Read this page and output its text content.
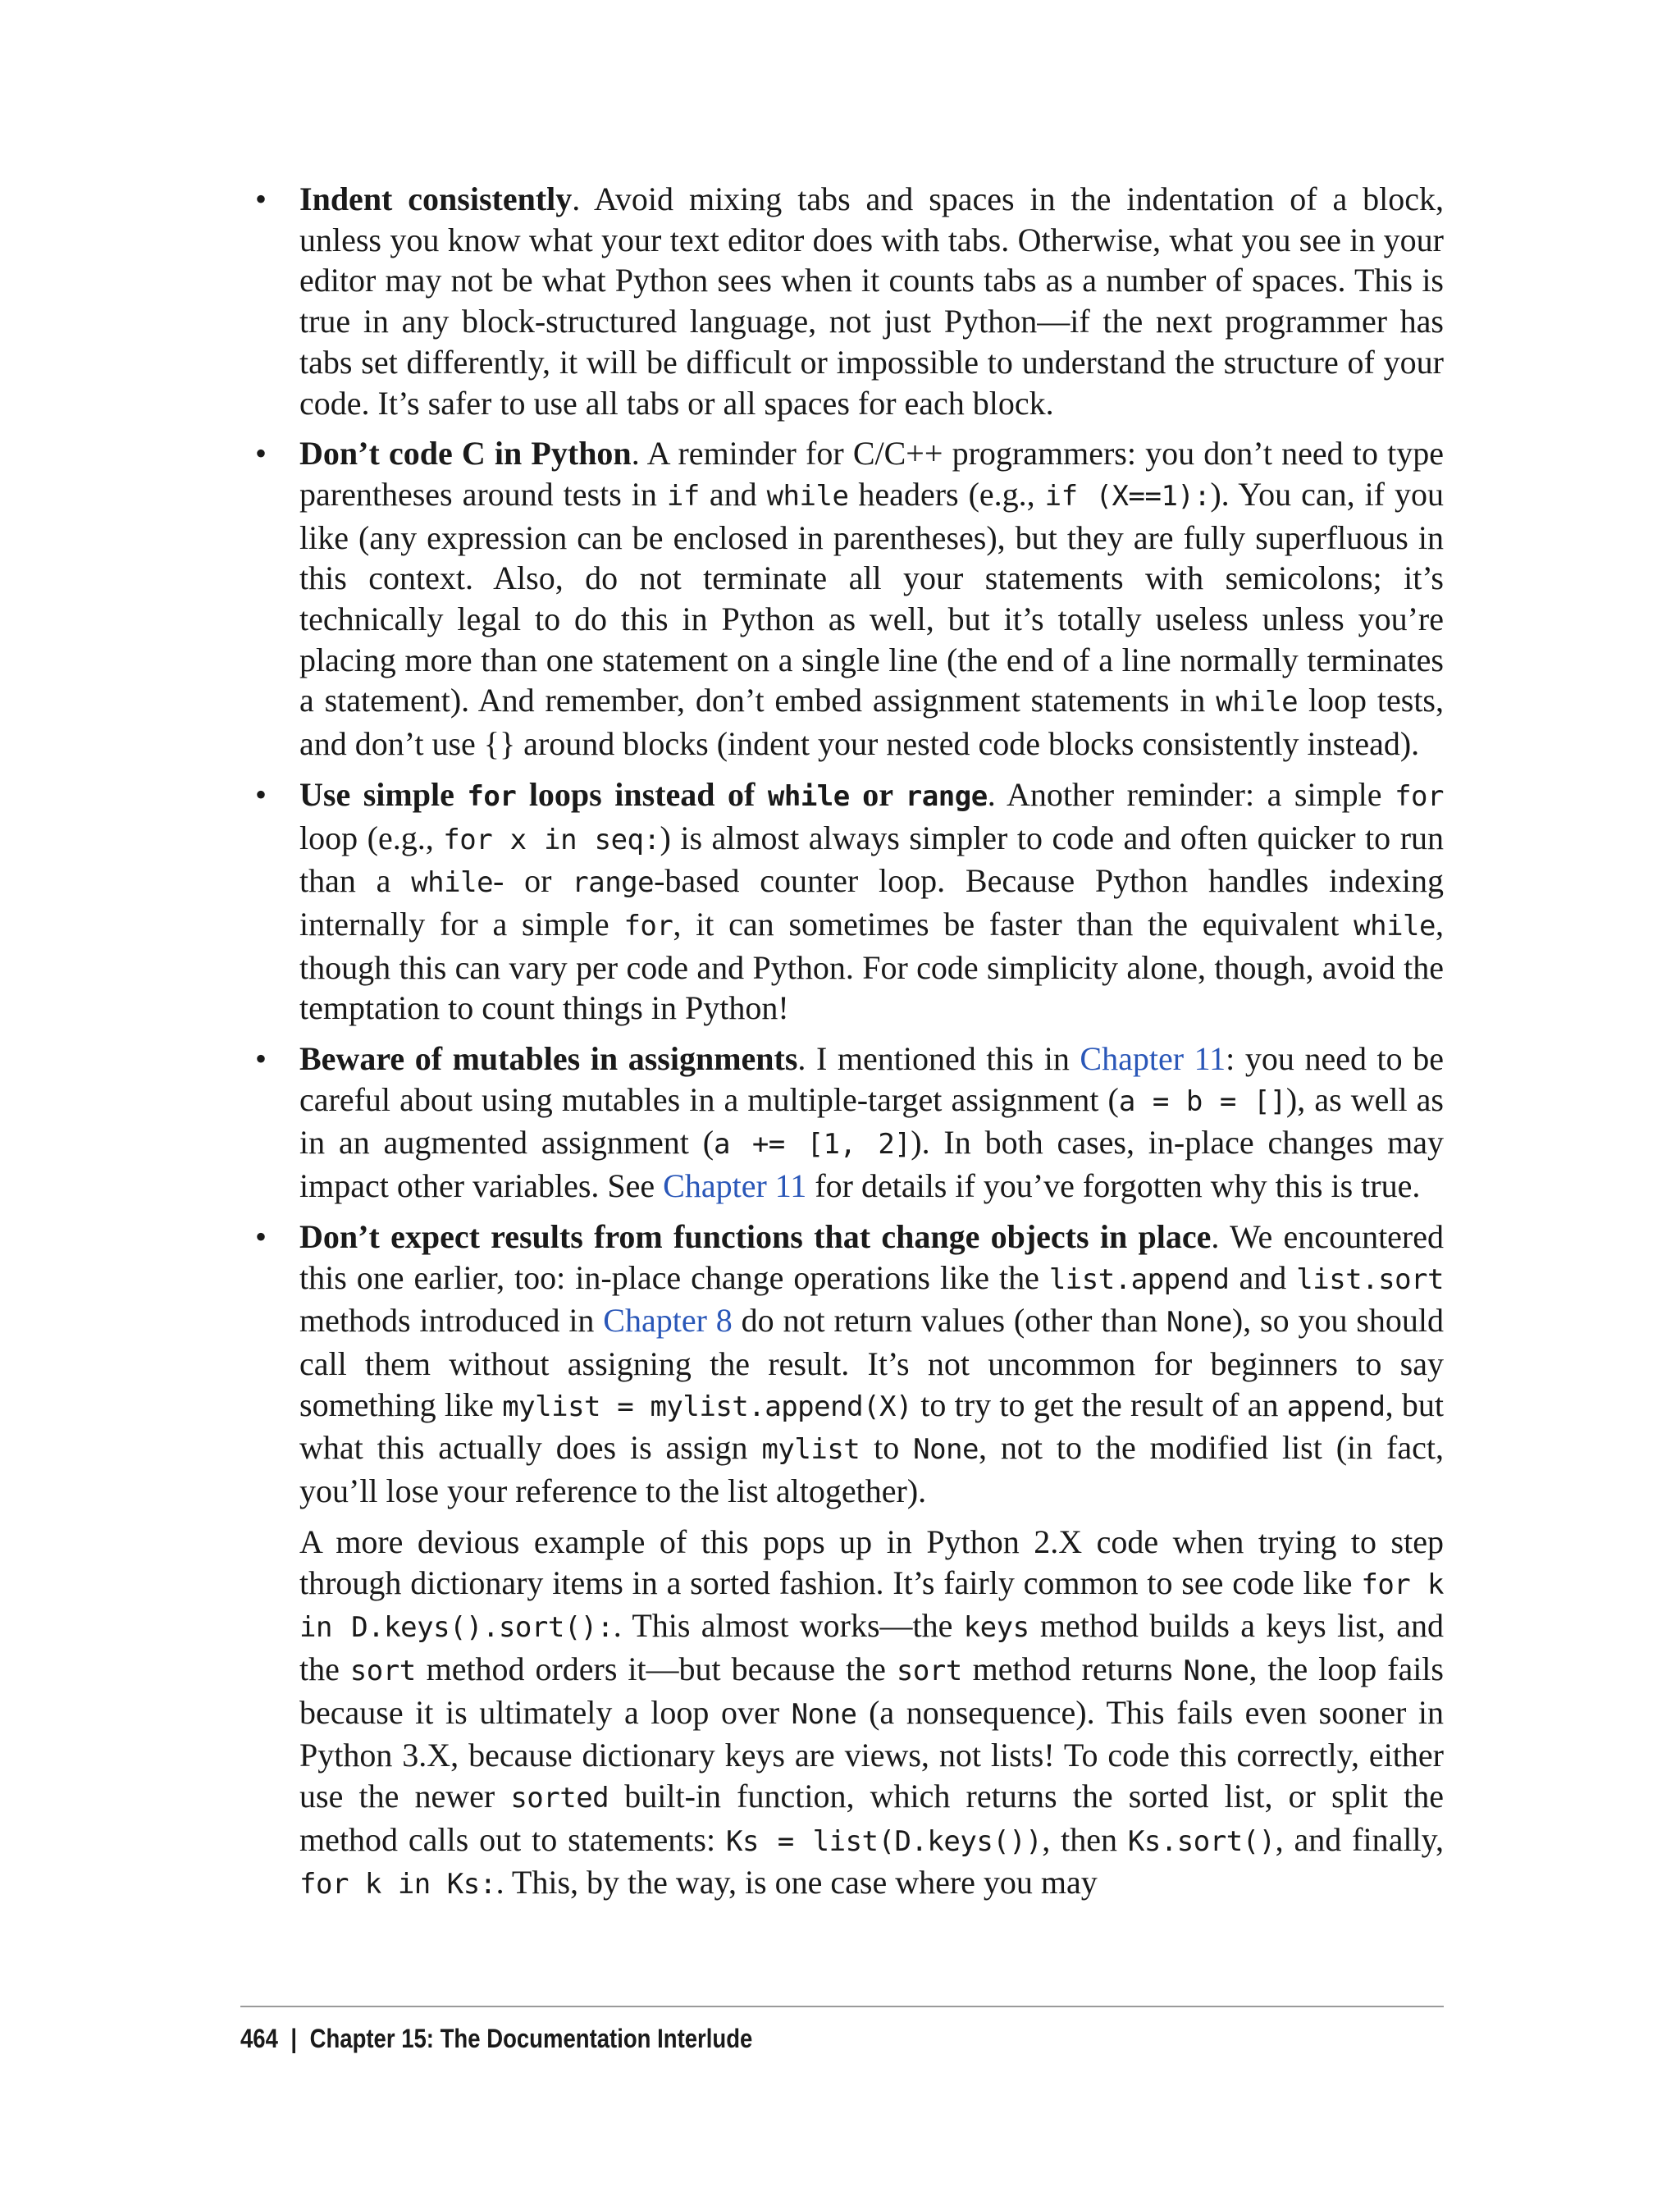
• Indent consistently. Avoid mixing tabs and spaces in the indentation of a block, unless you know what your text editor does with tabs. Otherwise, what you see in your editor may not be what Python sees when it counts tabs as a number of spaces. This is true in any block-structured language, not just Python—if the next programmer has tabs set differently, it will be difficult or impossible to understand the structure of your code. It’s safer to use all tabs or all spaces for each block.

• Don’t code C in Python. A reminder for C/C++ programmers: you don’t need to type parentheses around tests in if and while headers (e.g., if (X==1):). You can, if you like (any expression can be enclosed in parentheses), but they are fully superfluous in this context. Also, do not terminate all your statements with semicolons; it’s technically legal to do this in Python as well, but it’s totally useless unless you’re placing more than one statement on a single line (the end of a line normally terminates a statement). And remember, don’t embed assignment statements in while loop tests, and don’t use {} around blocks (indent your nested code blocks consistently instead).

• Use simple for loops instead of while or range. Another reminder: a simple for loop (e.g., for x in seq:) is almost always simpler to code and often quicker to run than a while- or range-based counter loop. Because Python handles indexing internally for a simple for, it can sometimes be faster than the equivalent while, though this can vary per code and Python. For code simplicity alone, though, avoid the temptation to count things in Python!

• Beware of mutables in assignments. I mentioned this in Chapter 11: you need to be careful about using mutables in a multiple-target assignment (a = b = []), as well as in an augmented assignment (a += [1, 2]). In both cases, in-place changes may impact other variables. See Chapter 11 for details if you’ve forgotten why this is true.

• Don’t expect results from functions that change objects in place. We encountered this one earlier, too: in-place change operations like the list.append and list.sort methods introduced in Chapter 8 do not return values (other than None), so you should call them without assigning the result. It’s not uncommon for beginners to say something like mylist = mylist.append(X) to try to get the result of an append, but what this actually does is assign mylist to None, not to the modified list (in fact, you’ll lose your reference to the list altogether).

A more devious example of this pops up in Python 2.X code when trying to step through dictionary items in a sorted fashion. It’s fairly common to see code like for k in D.keys().sort():. This almost works—the keys method builds a keys list, and the sort method orders it—but because the sort method returns None, the loop fails because it is ultimately a loop over None (a nonsequence). This fails even sooner in Python 3.X, because dictionary keys are views, not lists! To code this correctly, either use the newer sorted built-in function, which returns the sorted list, or split the method calls out to statements: Ks = list(D.keys()), then Ks.sort(), and finally, for k in Ks:. This, by the way, is one case where you may

464 | Chapter 15: The Documentation Interlude
